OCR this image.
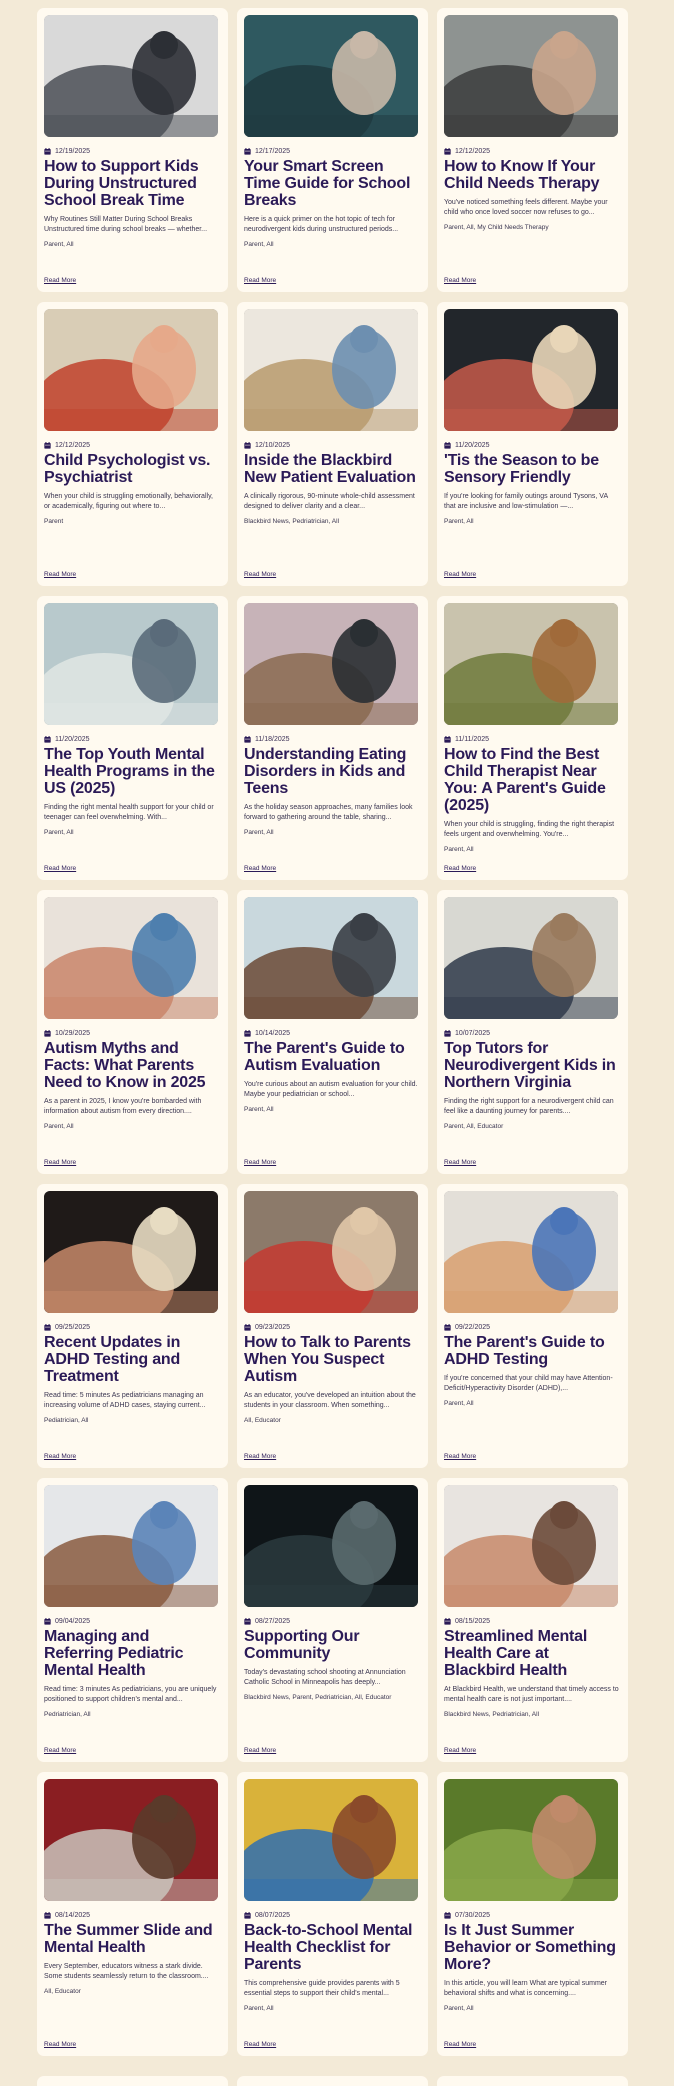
12/19/2025
How to Support Kids During Unstructured School Break Time
Why Routines Still Matter During School Breaks Unstructured time during school breaks — whether...
Parent, All
Read More
12/17/2025
Your Smart Screen Time Guide for School Breaks
Here is a quick primer on the hot topic of tech for neurodivergent kids during unstructured periods...
Parent, All
Read More
12/12/2025
How to Know If Your Child Needs Therapy
You've noticed something feels different. Maybe your child who once loved soccer now refuses to go...
Parent, All, My Child Needs Therapy
Read More
12/12/2025
Child Psychologist vs. Psychiatrist
When your child is struggling emotionally, behaviorally, or academically, figuring out where to...
Parent
Read More
12/10/2025
Inside the Blackbird New Patient Evaluation
A clinically rigorous, 90-minute whole-child assessment designed to deliver clarity and a clear...
Blackbird News, Pedriatrician, All
Read More
11/20/2025
'Tis the Season to be Sensory Friendly
If you're looking for family outings around Tysons, VA that are inclusive and low-stimulation —...
Parent, All
Read More
11/20/2025
The Top Youth Mental Health Programs in the US (2025)
Finding the right mental health support for your child or teenager can feel overwhelming. With...
Parent, All
Read More
11/18/2025
Understanding Eating Disorders in Kids and Teens
As the holiday season approaches, many families look forward to gathering around the table, sharing...
Parent, All
Read More
11/11/2025
How to Find the Best Child Therapist Near You: A Parent's Guide (2025)
When your child is struggling, finding the right therapist feels urgent and overwhelming. You're...
Parent, All
Read More
10/29/2025
Autism Myths and Facts: What Parents Need to Know in 2025
As a parent in 2025, I know you're bombarded with information about autism from every direction....
Parent, All
Read More
10/14/2025
The Parent's Guide to Autism Evaluation
You're curious about an autism evaluation for your child. Maybe your pediatrician or school...
Parent, All
Read More
10/07/2025
Top Tutors for Neurodivergent Kids in Northern Virginia
Finding the right support for a neurodivergent child can feel like a daunting journey for parents....
Parent, All, Educator
Read More
09/25/2025
Recent Updates in ADHD Testing and Treatment
Read time: 5 minutes As pediatricians managing an increasing volume of ADHD cases, staying current...
Pediatrician, All
Read More
09/23/2025
How to Talk to Parents When You Suspect Autism
As an educator, you've developed an intuition about the students in your classroom. When something...
All, Educator
Read More
09/22/2025
The Parent's Guide to ADHD Testing
If you're concerned that your child may have Attention-Deficit/Hyperactivity Disorder (ADHD),...
Parent, All
Read More
09/04/2025
Managing and Referring Pediatric Mental Health
Read time: 3 minutes As pediatricians, you are uniquely positioned to support children's mental and...
Pedriatrician, All
Read More
08/27/2025
Supporting Our Community
Today's devastating school shooting at Annunciation Catholic School in Minneapolis has deeply...
Blackbird News, Parent, Pedriatrician, All, Educator
Read More
08/15/2025
Streamlined Mental Health Care at Blackbird Health
At Blackbird Health, we understand that timely access to mental health care is not just important....
Blackbird News, Pedriatrician, All
Read More
08/14/2025
The Summer Slide and Mental Health
Every September, educators witness a stark divide. Some students seamlessly return to the classroom....
All, Educator
Read More
08/07/2025
Back-to-School Mental Health Checklist for Parents
This comprehensive guide provides parents with 5 essential steps to support their child's mental...
Parent, All
Read More
07/30/2025
Is It Just Summer Behavior or Something More?
In this article, you will learn What are typical summer behavioral shifts and what is concerning....
Parent, All
Read More
